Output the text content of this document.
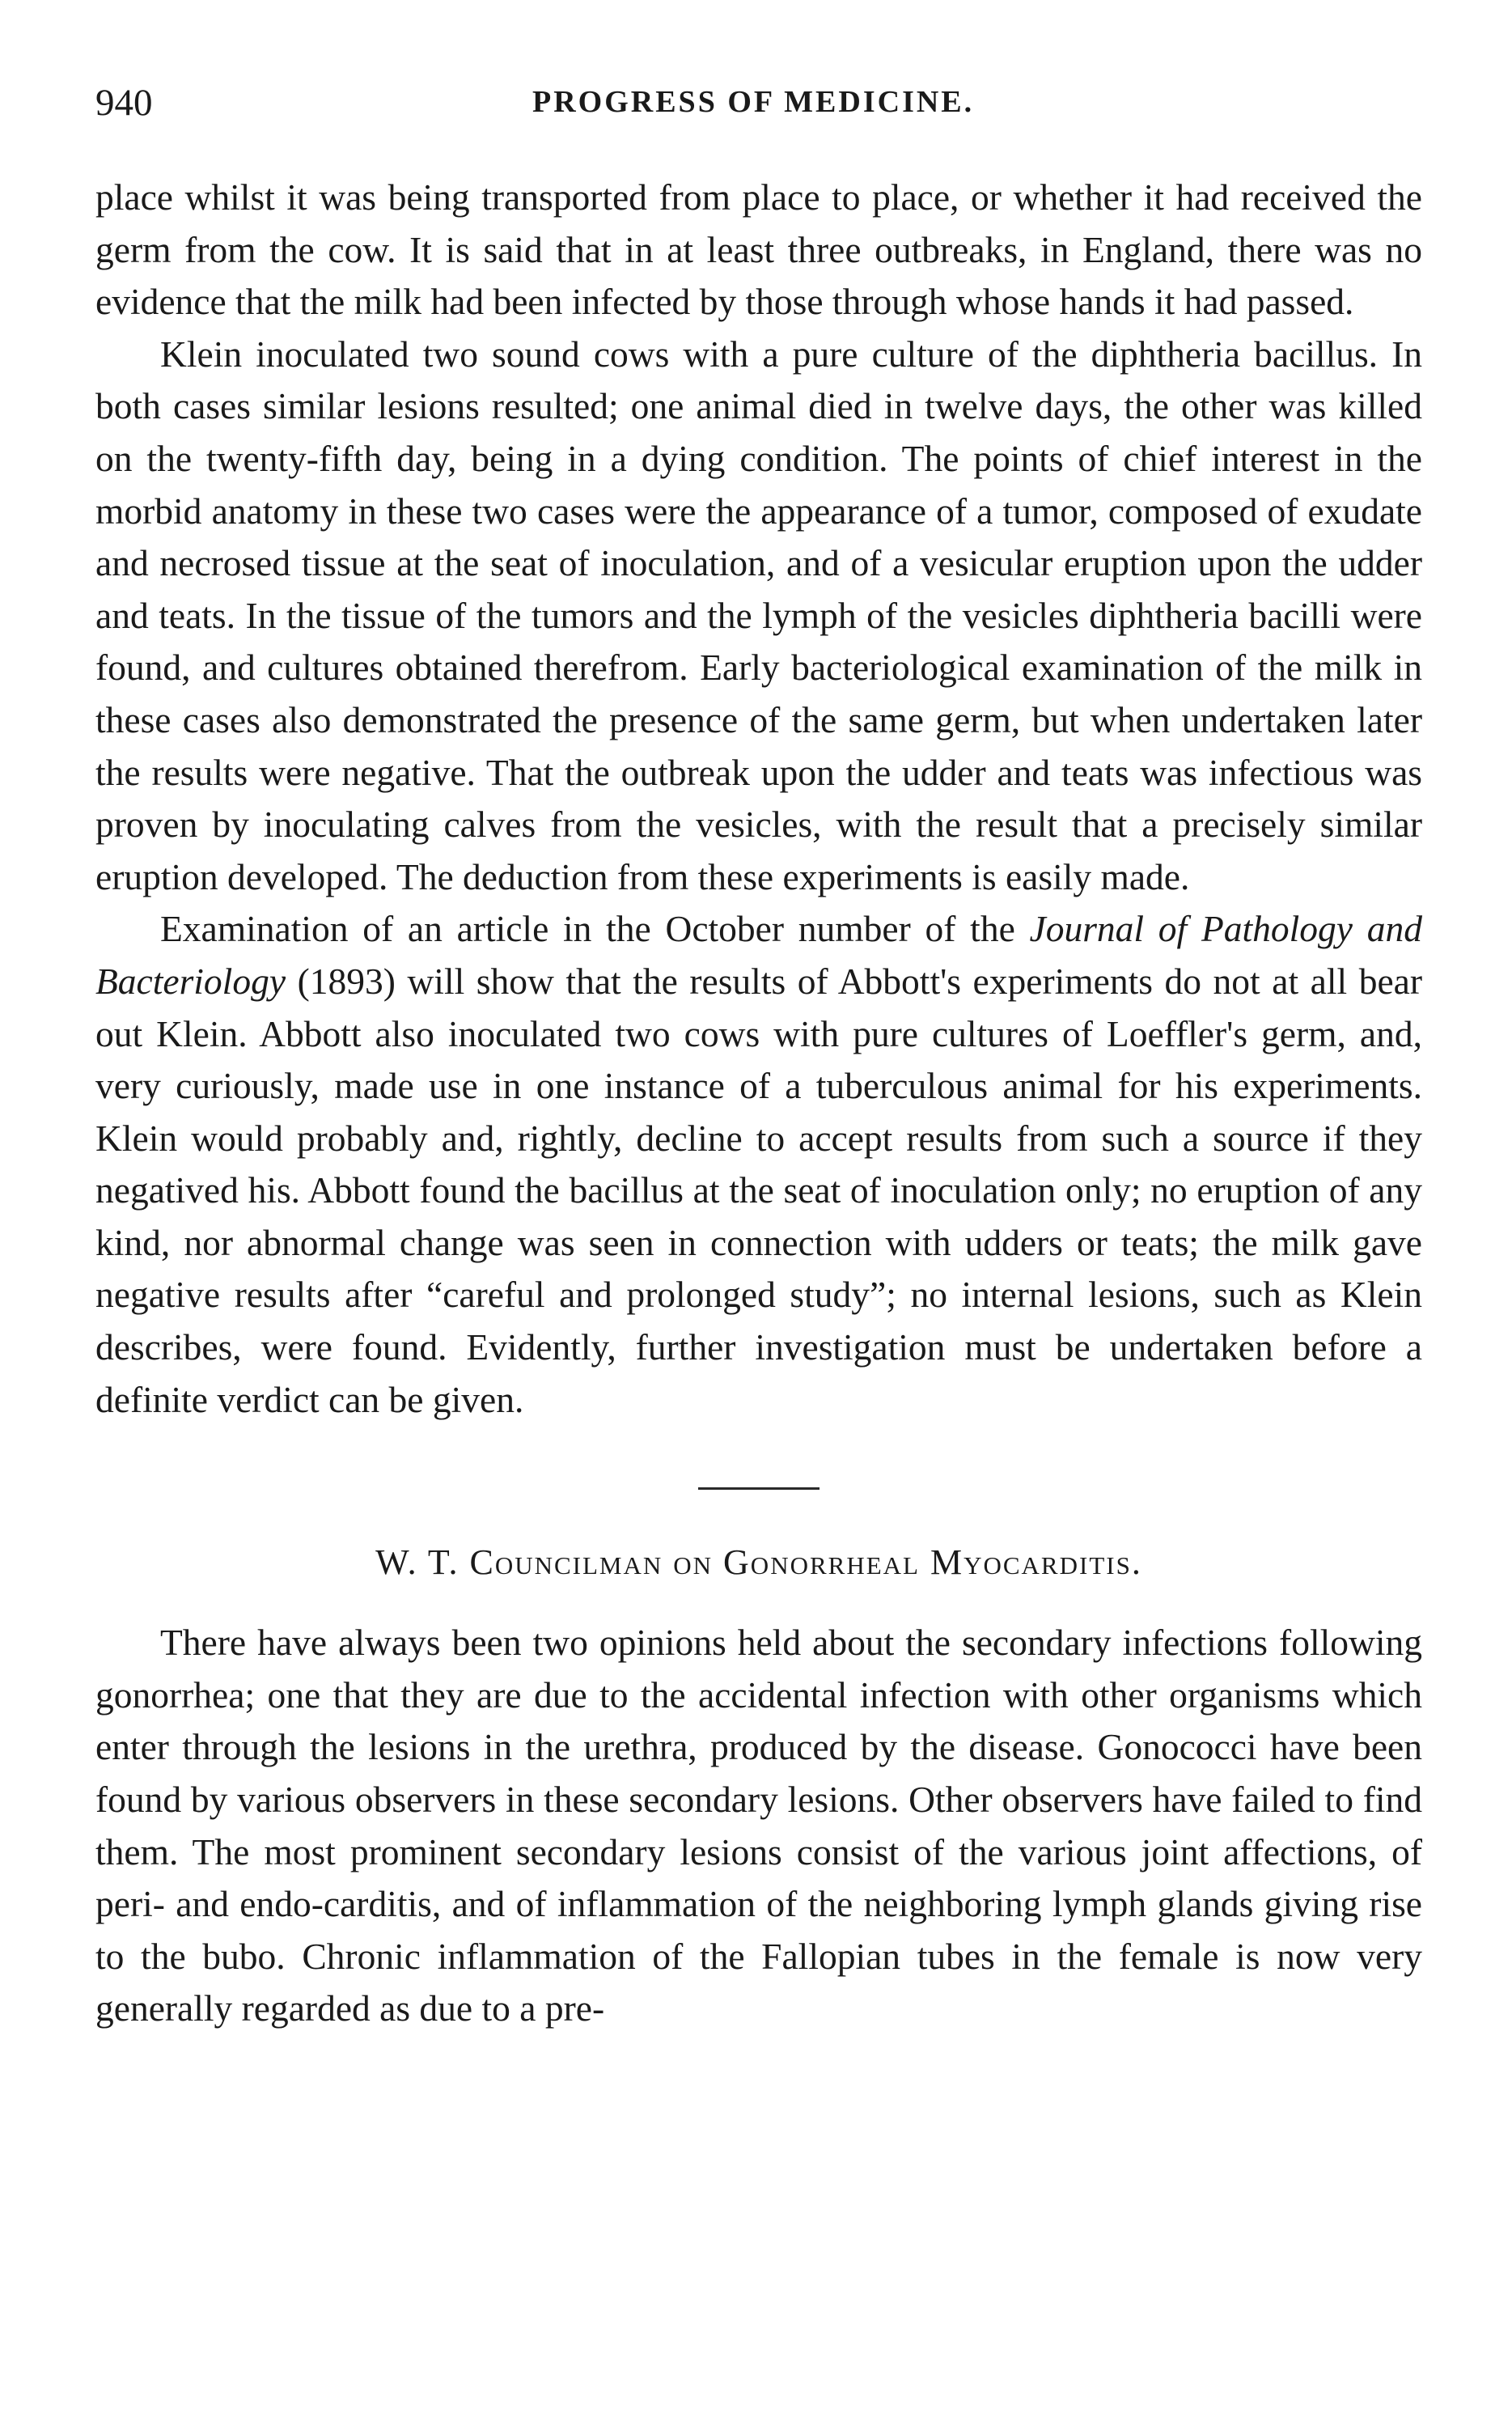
940	PROGRESS OF MEDICINE.

place whilst it was being transported from place to place, or whether it had received the germ from the cow. It is said that in at least three outbreaks, in England, there was no evidence that the milk had been infected by those through whose hands it had passed.

Klein inoculated two sound cows with a pure culture of the diphtheria bacillus. In both cases similar lesions resulted; one animal died in twelve days, the other was killed on the twenty-fifth day, being in a dying condition. The points of chief interest in the morbid anatomy in these two cases were the appearance of a tumor, composed of exudate and necrosed tissue at the seat of inoculation, and of a vesicular eruption upon the udder and teats. In the tissue of the tumors and the lymph of the vesicles diphtheria bacilli were found, and cultures obtained therefrom. Early bacteriological examination of the milk in these cases also demonstrated the presence of the same germ, but when undertaken later the results were negative. That the outbreak upon the udder and teats was infectious was proven by inoculating calves from the vesicles, with the result that a precisely similar eruption developed. The deduction from these experiments is easily made.

Examination of an article in the October number of the Journal of Pathology and Bacteriology (1893) will show that the results of Abbott's experiments do not at all bear out Klein. Abbott also inoculated two cows with pure cultures of Loeffler's germ, and, very curiously, made use in one instance of a tuberculous animal for his experiments. Klein would probably and, rightly, decline to accept results from such a source if they negatived his. Abbott found the bacillus at the seat of inoculation only; no eruption of any kind, nor abnormal change was seen in connection with udders or teats; the milk gave negative results after “careful and prolonged study”; no internal lesions, such as Klein describes, were found. Evidently, further investigation must be undertaken before a definite verdict can be given.

W. T. Councilman on Gonorrheal Myocarditis.

There have always been two opinions held about the secondary infections following gonorrhea; one that they are due to the accidental infection with other organisms which enter through the lesions in the urethra, produced by the disease. Gonococci have been found by various observers in these secondary lesions. Other observers have failed to find them. The most prominent secondary lesions consist of the various joint affections, of peri- and endo-carditis, and of inflammation of the neighboring lymph glands giving rise to the bubo. Chronic inflammation of the Fallopian tubes in the female is now very generally regarded as due to a pre-
